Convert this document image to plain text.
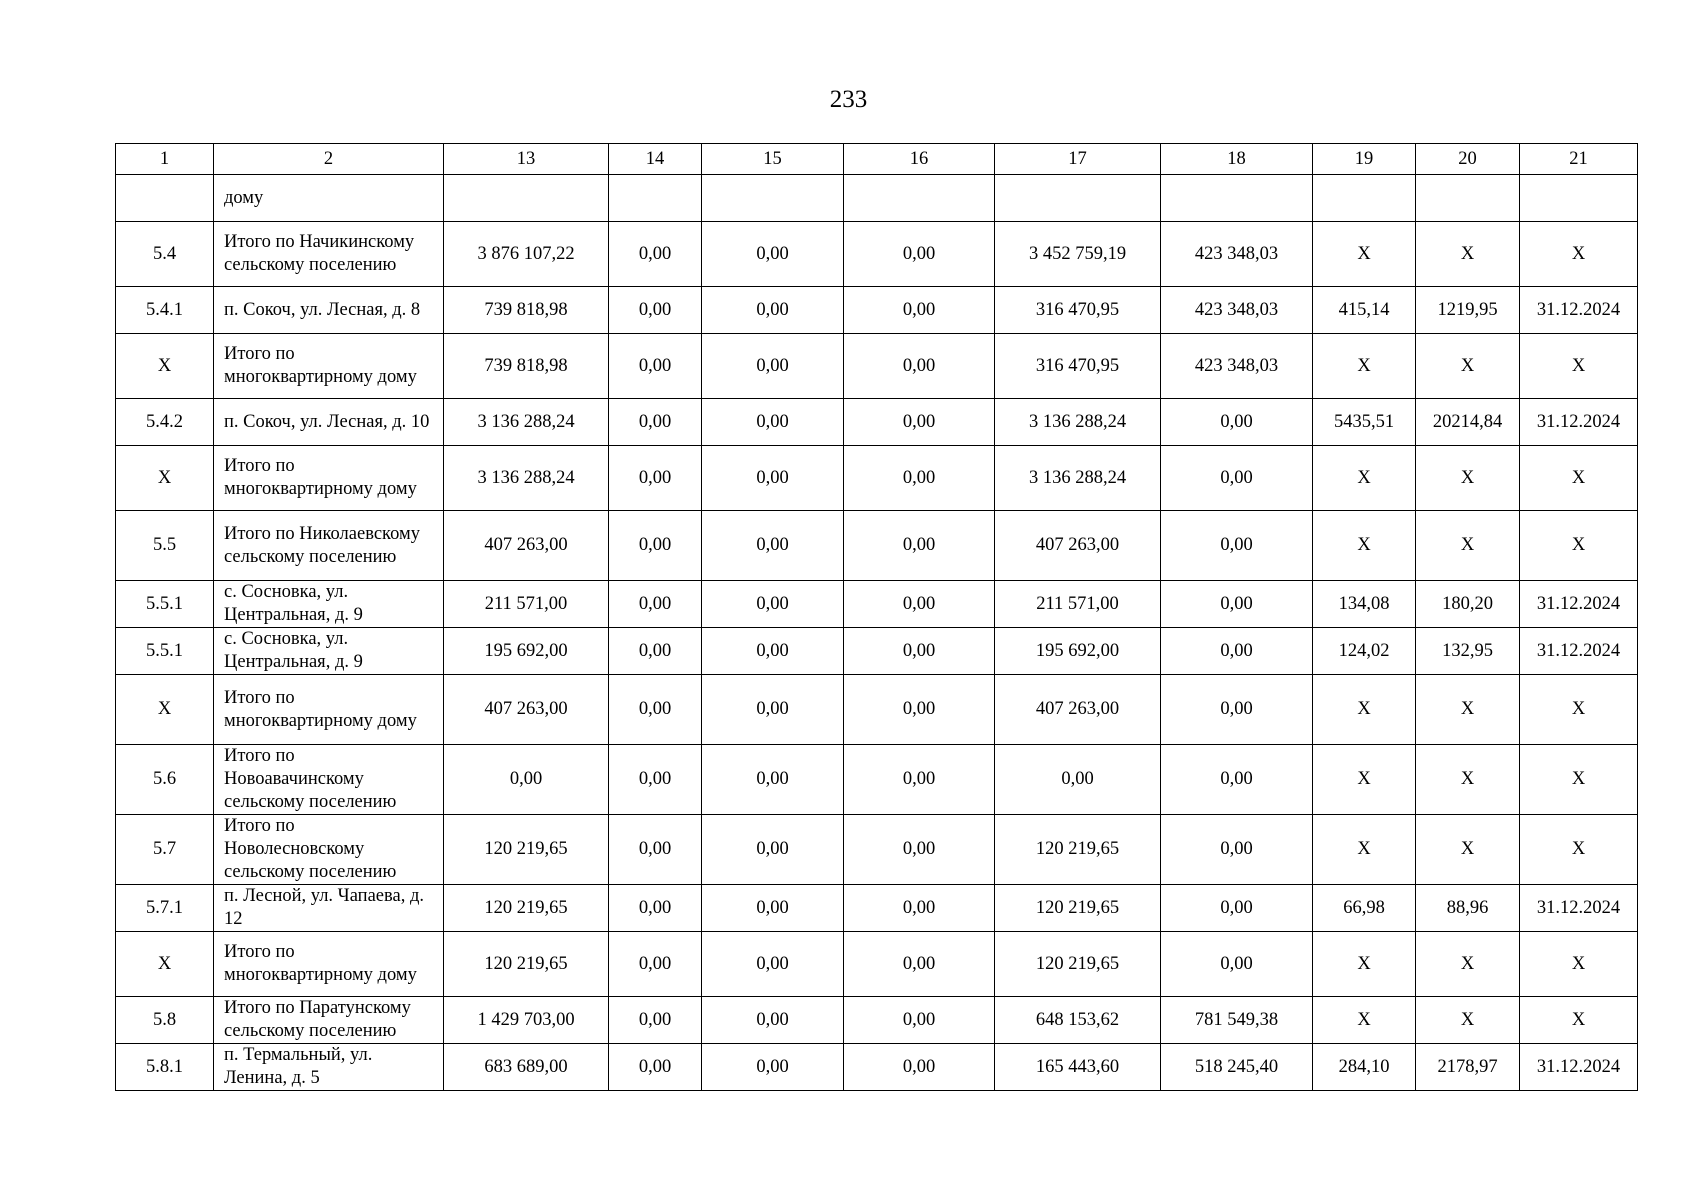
233
1	2	13	14	15	16	17	18	19	20	21
	дому									
5.4	Итого по Начикинскому сельскому поселению	3 876 107,22	0,00	0,00	0,00	3 452 759,19	423 348,03	X	X	X
5.4.1	п. Сокоч, ул. Лесная, д. 8	739 818,98	0,00	0,00	0,00	316 470,95	423 348,03	415,14	1219,95	31.12.2024
X	Итого по многоквартирному дому	739 818,98	0,00	0,00	0,00	316 470,95	423 348,03	X	X	X
5.4.2	п. Сокоч, ул. Лесная, д. 10	3 136 288,24	0,00	0,00	0,00	3 136 288,24	0,00	5435,51	20214,84	31.12.2024
X	Итого по многоквартирному дому	3 136 288,24	0,00	0,00	0,00	3 136 288,24	0,00	X	X	X
5.5	Итого по Николаевскому сельскому поселению	407 263,00	0,00	0,00	0,00	407 263,00	0,00	X	X	X
5.5.1	с. Сосновка, ул. Центральная, д. 9	211 571,00	0,00	0,00	0,00	211 571,00	0,00	134,08	180,20	31.12.2024
5.5.1	с. Сосновка, ул. Центральная, д. 9	195 692,00	0,00	0,00	0,00	195 692,00	0,00	124,02	132,95	31.12.2024
X	Итого по многоквартирному дому	407 263,00	0,00	0,00	0,00	407 263,00	0,00	X	X	X
5.6	Итого по Новоавачинскому сельскому поселению	0,00	0,00	0,00	0,00	0,00	0,00	X	X	X
5.7	Итого по Новолесновскому сельскому поселению	120 219,65	0,00	0,00	0,00	120 219,65	0,00	X	X	X
5.7.1	п. Лесной, ул. Чапаева, д. 12	120 219,65	0,00	0,00	0,00	120 219,65	0,00	66,98	88,96	31.12.2024
X	Итого по многоквартирному дому	120 219,65	0,00	0,00	0,00	120 219,65	0,00	X	X	X
5.8	Итого по Паратунскому сельскому поселению	1 429 703,00	0,00	0,00	0,00	648 153,62	781 549,38	X	X	X
5.8.1	п. Термальный, ул. Ленина, д. 5	683 689,00	0,00	0,00	0,00	165 443,60	518 245,40	284,10	2178,97	31.12.2024
